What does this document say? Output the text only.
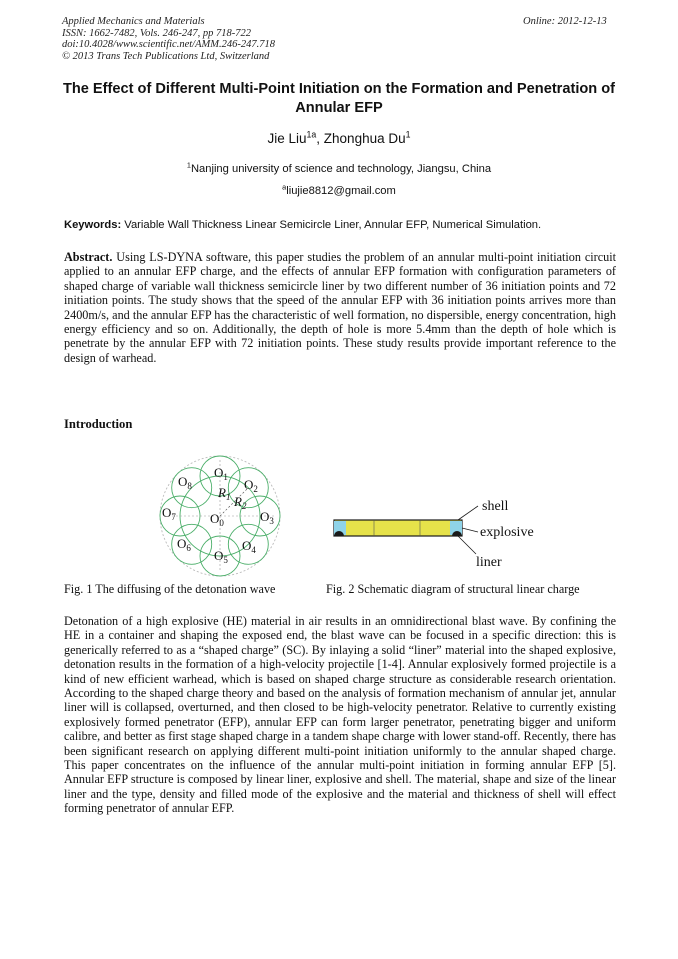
Applied Mechanics and Materials
ISSN: 1662-7482, Vols. 246-247, pp 718-722
doi:10.4028/www.scientific.net/AMM.246-247.718
© 2013 Trans Tech Publications Ltd, Switzerland
Online: 2012-12-13
The Effect of Different Multi-Point Initiation on the Formation and Penetration of Annular EFP
Jie Liu$^{1a}$, Zhonghua Du$^1$
$^1$Nanjing university of science and technology, Jiangsu, China
$^a$liujie8812@gmail.com
Keywords: Variable Wall Thickness Linear Semicircle Liner, Annular EFP, Numerical Simulation.

Abstract. Using LS-DYNA software, this paper studies the problem of an annular multi-point initiation circuit applied to an annular EFP charge, and the effects of annular EFP formation with configuration parameters of shaped charge of variable wall thickness semicircle liner by two different number of 36 initiation points and 72 initiation points. The study shows that the speed of the annular EFP with 36 initiation points arrives more than 2400m/s, and the annular EFP has the characteristic of well formation, no dispersible, energy concentration, high energy efficiency and so on. Additionally, the depth of hole is more 5.4mm than the depth of hole which is penetrate by the annular EFP with 72 initiation points. These study results provide important reference to the design of warhead.

Introduction
$O_1$ $O_2$
$O_3$
$O_4$
$O_5$
$O_6$
$O_7$
$O_8$
$O_0$
$R_1$ $R_2$	shell
explosive
liner
Fig. 1 The diffusing of the detonation wave	Fig. 2 Schematic diagram of structural linear charge

Detonation of a high explosive (HE) material in air results in an omnidirectional blast wave. By confining the HE in a container and shaping the exposed end, the blast wave can be focused in a specific direction: this is generically referred to as a “shaped charge” (SC). By inlaying a solid “liner” material into the shaped explosive, detonation results in the formation of a high-velocity projectile [1-4]. Annular explosively formed projectile is a kind of new efficient warhead, which is based on shaped charge structure as considerable research orientation. According to the shaped charge theory and based on the analysis of formation mechanism of annular jet, annular liner will is collapsed, overturned, and then closed to be high-velocity penetrator. Relative to currently existing explosively formed penetrator (EFP), annular EFP can form larger penetrator, penetrating bigger and uniform calibre, and better as first stage shaped charge in a tandem shape charge with lower stand-off. Recently, there has been significant research on applying different multi-point initiation uniformly to the annular shaped charge. This paper concentrates on the influence of the annular multi-point initiation in forming annular EFP [5]. Annular EFP structure is composed by linear liner, explosive and shell. The material, shape and size of the linear liner and the type, density and filled mode of the explosive and the material and thickness of shell will effect forming penetrator of annular EFP.
